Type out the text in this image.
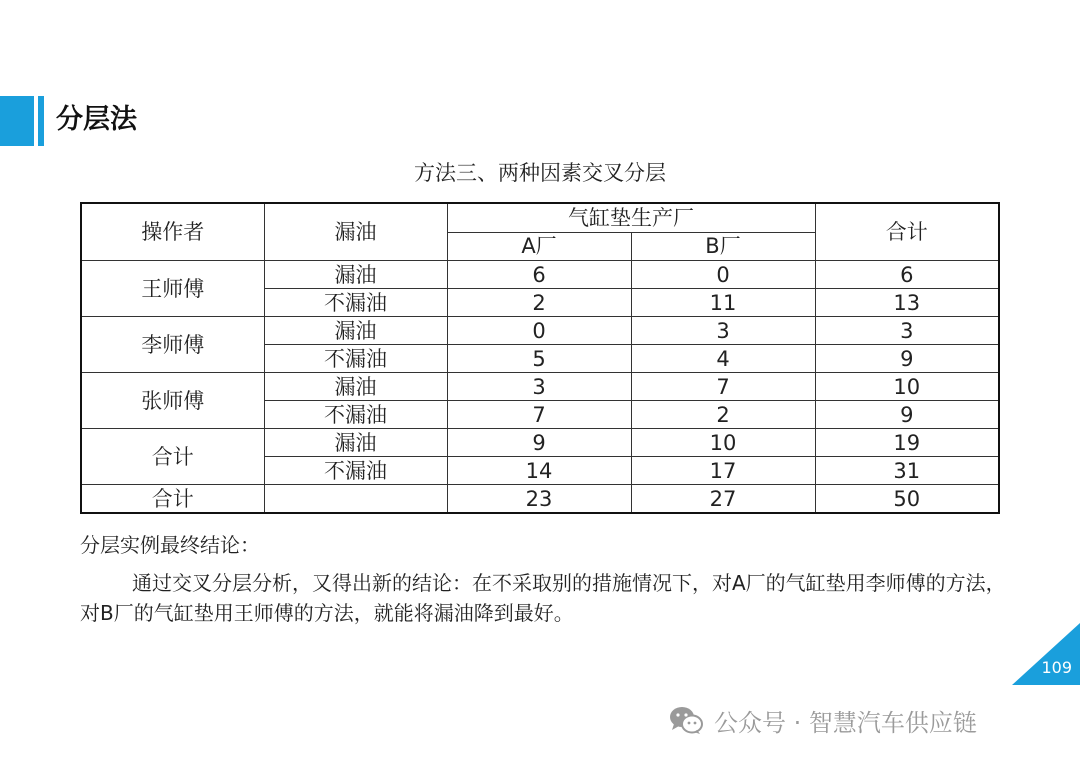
分层法
方法三、两种因素交叉分层
操作者	漏油	气缸垫生产厂		合计
		A厂	B厂	
王师傅	漏油	6	0	6
	不漏油	2	11	13
李师傅	漏油	0	3	3
	不漏油	5	4	9
张师傅	漏油	3	7	10
	不漏油	7	2	9
合计	漏油	9	10	19
	不漏油	14	17	31
合计		23	27	50
分层实例最终结论：
通过交叉分层分析，又得出新的结论：在不采取别的措施情况下，对A厂的气缸垫用李师傅的方法，对B厂的气缸垫用王师傅的方法，就能将漏油降到最好。
109
公众号 · 智慧汽车供应链
